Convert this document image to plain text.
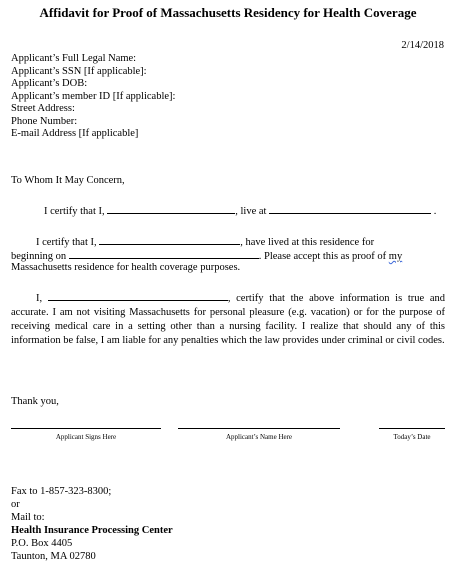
Affidavit for Proof of Massachusetts Residency for Health Coverage
2/14/2018
Applicant’s Full Legal Name:
Applicant’s SSN [If applicable]:
Applicant’s DOB:
Applicant’s member ID [If applicable]:
Street Address:
Phone Number:
E-mail Address [If applicable]
To Whom It May Concern,
I certify that I,	, live at	.
I certify that I,	, have lived at this residence for
beginning on	. Please accept this as proof of my
Massachusetts residence for health coverage purposes.
I,	, certify that the above information is true and accurate. I am not visiting Massachusetts for personal pleasure (e.g. vacation) or for the purpose of receiving medical care in a setting other than a nursing facility. I realize that should any of this information be false, I am liable for any penalties which the law provides under criminal or civil codes.
Thank you,
Applicant Signs Here	Applicant’s Name Here	Today’s Date
Fax to 1-857-323-8300;
or
Mail to:
Health Insurance Processing Center
P.O. Box 4405
Taunton, MA 02780
